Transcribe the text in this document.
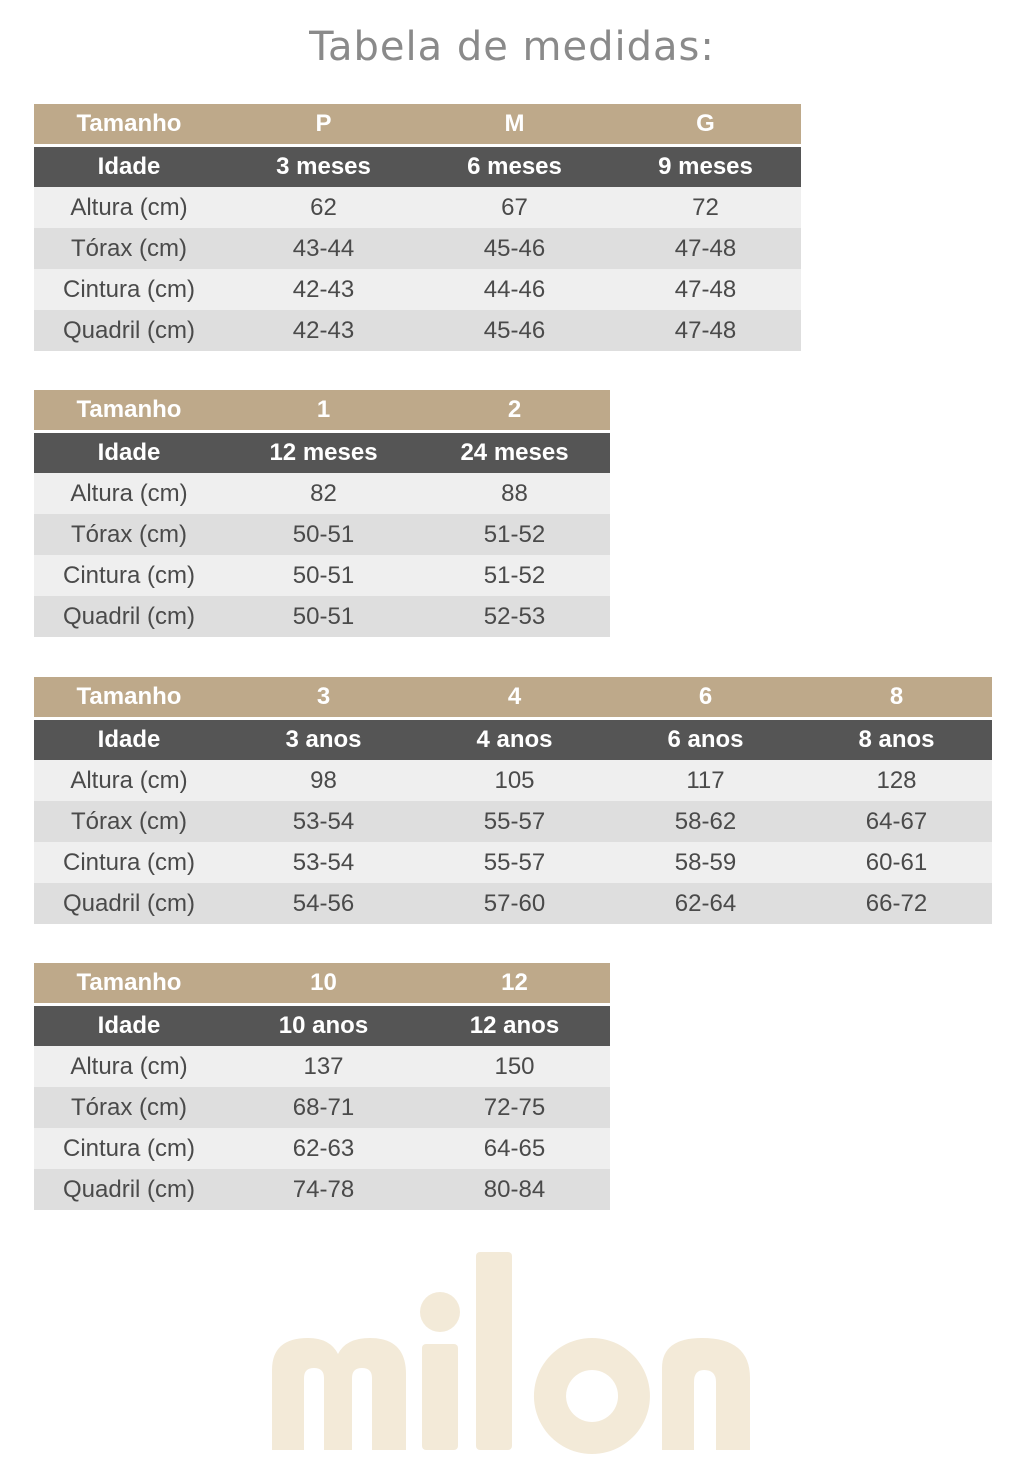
Tabela de medidas:
Tamanho	P	M	G
Idade	3 meses	6 meses	9 meses
Altura (cm)	62	67	72
Tórax (cm)	43-44	45-46	47-48
Cintura (cm)	42-43	44-46	47-48
Quadril (cm)	42-43	45-46	47-48
Tamanho	1	2
Idade	12 meses	24 meses
Altura (cm)	82	88
Tórax (cm)	50-51	51-52
Cintura (cm)	50-51	51-52
Quadril (cm)	50-51	52-53
Tamanho	3	4	6	8
Idade	3 anos	4 anos	6 anos	8 anos
Altura (cm)	98	105	117	128
Tórax (cm)	53-54	55-57	58-62	64-67
Cintura (cm)	53-54	55-57	58-59	60-61
Quadril (cm)	54-56	57-60	62-64	66-72
Tamanho	10	12
Idade	10 anos	12 anos
Altura (cm)	137	150
Tórax (cm)	68-71	72-75
Cintura (cm)	62-63	64-65
Quadril (cm)	74-78	80-84
